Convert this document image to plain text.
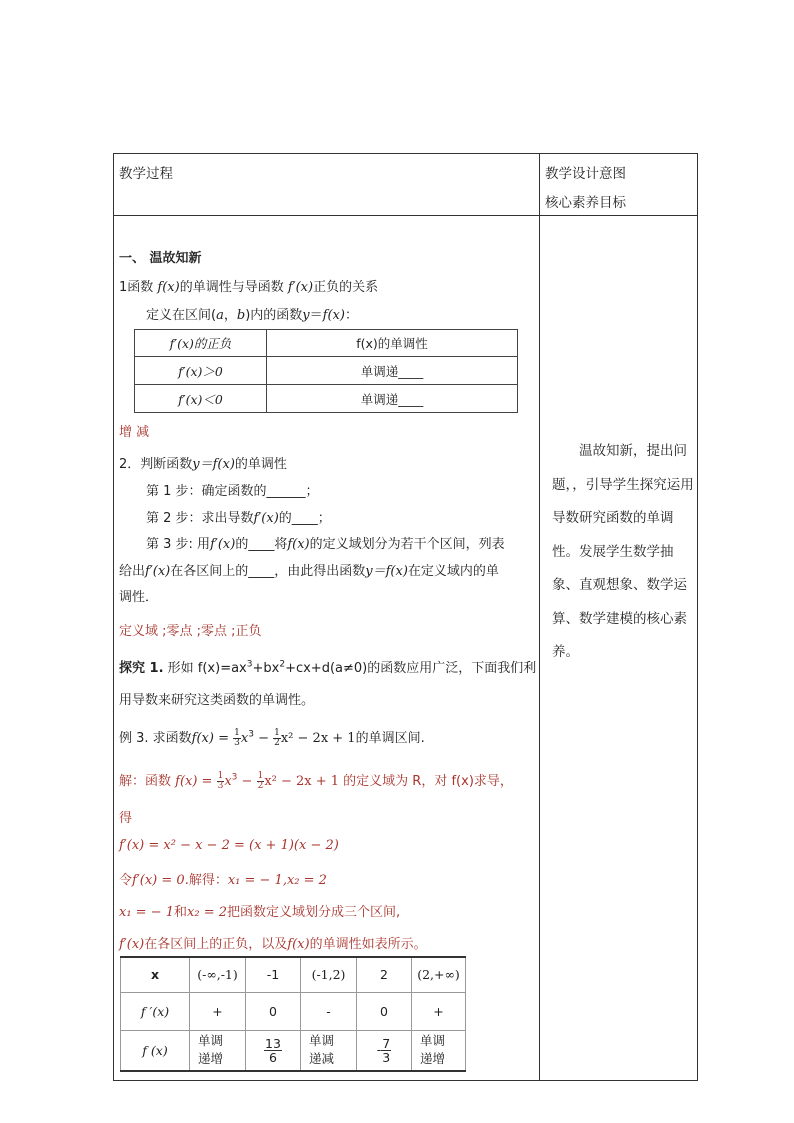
教学过程	教学设计意图
核心素养目标
一、 温故知新
1函数 f(x)的单调性与导函数 f′(x)正负的关系
定义在区间(a，b)内的函数y＝f(x)：
f′(x)的正负	f(x)的单调性
f′(x)＞0	单调递____
f′(x)＜0	单调递____
增 减
2．判断函数y＝f(x)的单调性
第 1 步：确定函数的______；
第 2 步：求出导数f′(x)的____；
第 3 步: 用f′(x)的____将f(x)的定义域划分为若干个区间，列表
给出f′(x)在各区间上的____，由此得出函数y＝f(x)在定义域内的单
调性．
定义域 ;零点 ;零点 ;正负
探究 1. 形如 $f(x)=ax^3+bx^2+cx+d(a\ne 0)$的函数应用广泛，下面我们利
用导数来研究这类函数的单调性。
例 3. 求函数$f(x) = \frac{1}{3} x^3 - \frac{1}{2} x^2 - 2x + 1$的单调区间.
解：函数 $f(x) = \frac{1}{3} x^3 - \frac{1}{2} x^2 - 2x + 1$ 的定义域为 R，对 f(x)求导，
得
f′(x) = x² − x − 2 = (x + 1)(x − 2)
令f′(x) = 0.解得：x₁ = − 1,x₂ = 2
x₁ = − 1和x₂ = 2把函数定义域划分成三个区间,
f′(x)在各区间上的正负，以及f(x)的单调性如表所示。
x	(-∞,-1)	-1	(-1,2)	2	(2,+∞)
f ′(x)	+	0	-	0	+
f (x)	单调递增	$\frac{13}{6}$	单调递减	- $\frac{7}{3}$	单调递增
温故知新，提出问题，，引导学生探究运用导数研究函数的单调性。发展学生数学抽象、直观想象、数学运算、数学建模的核心素养。
